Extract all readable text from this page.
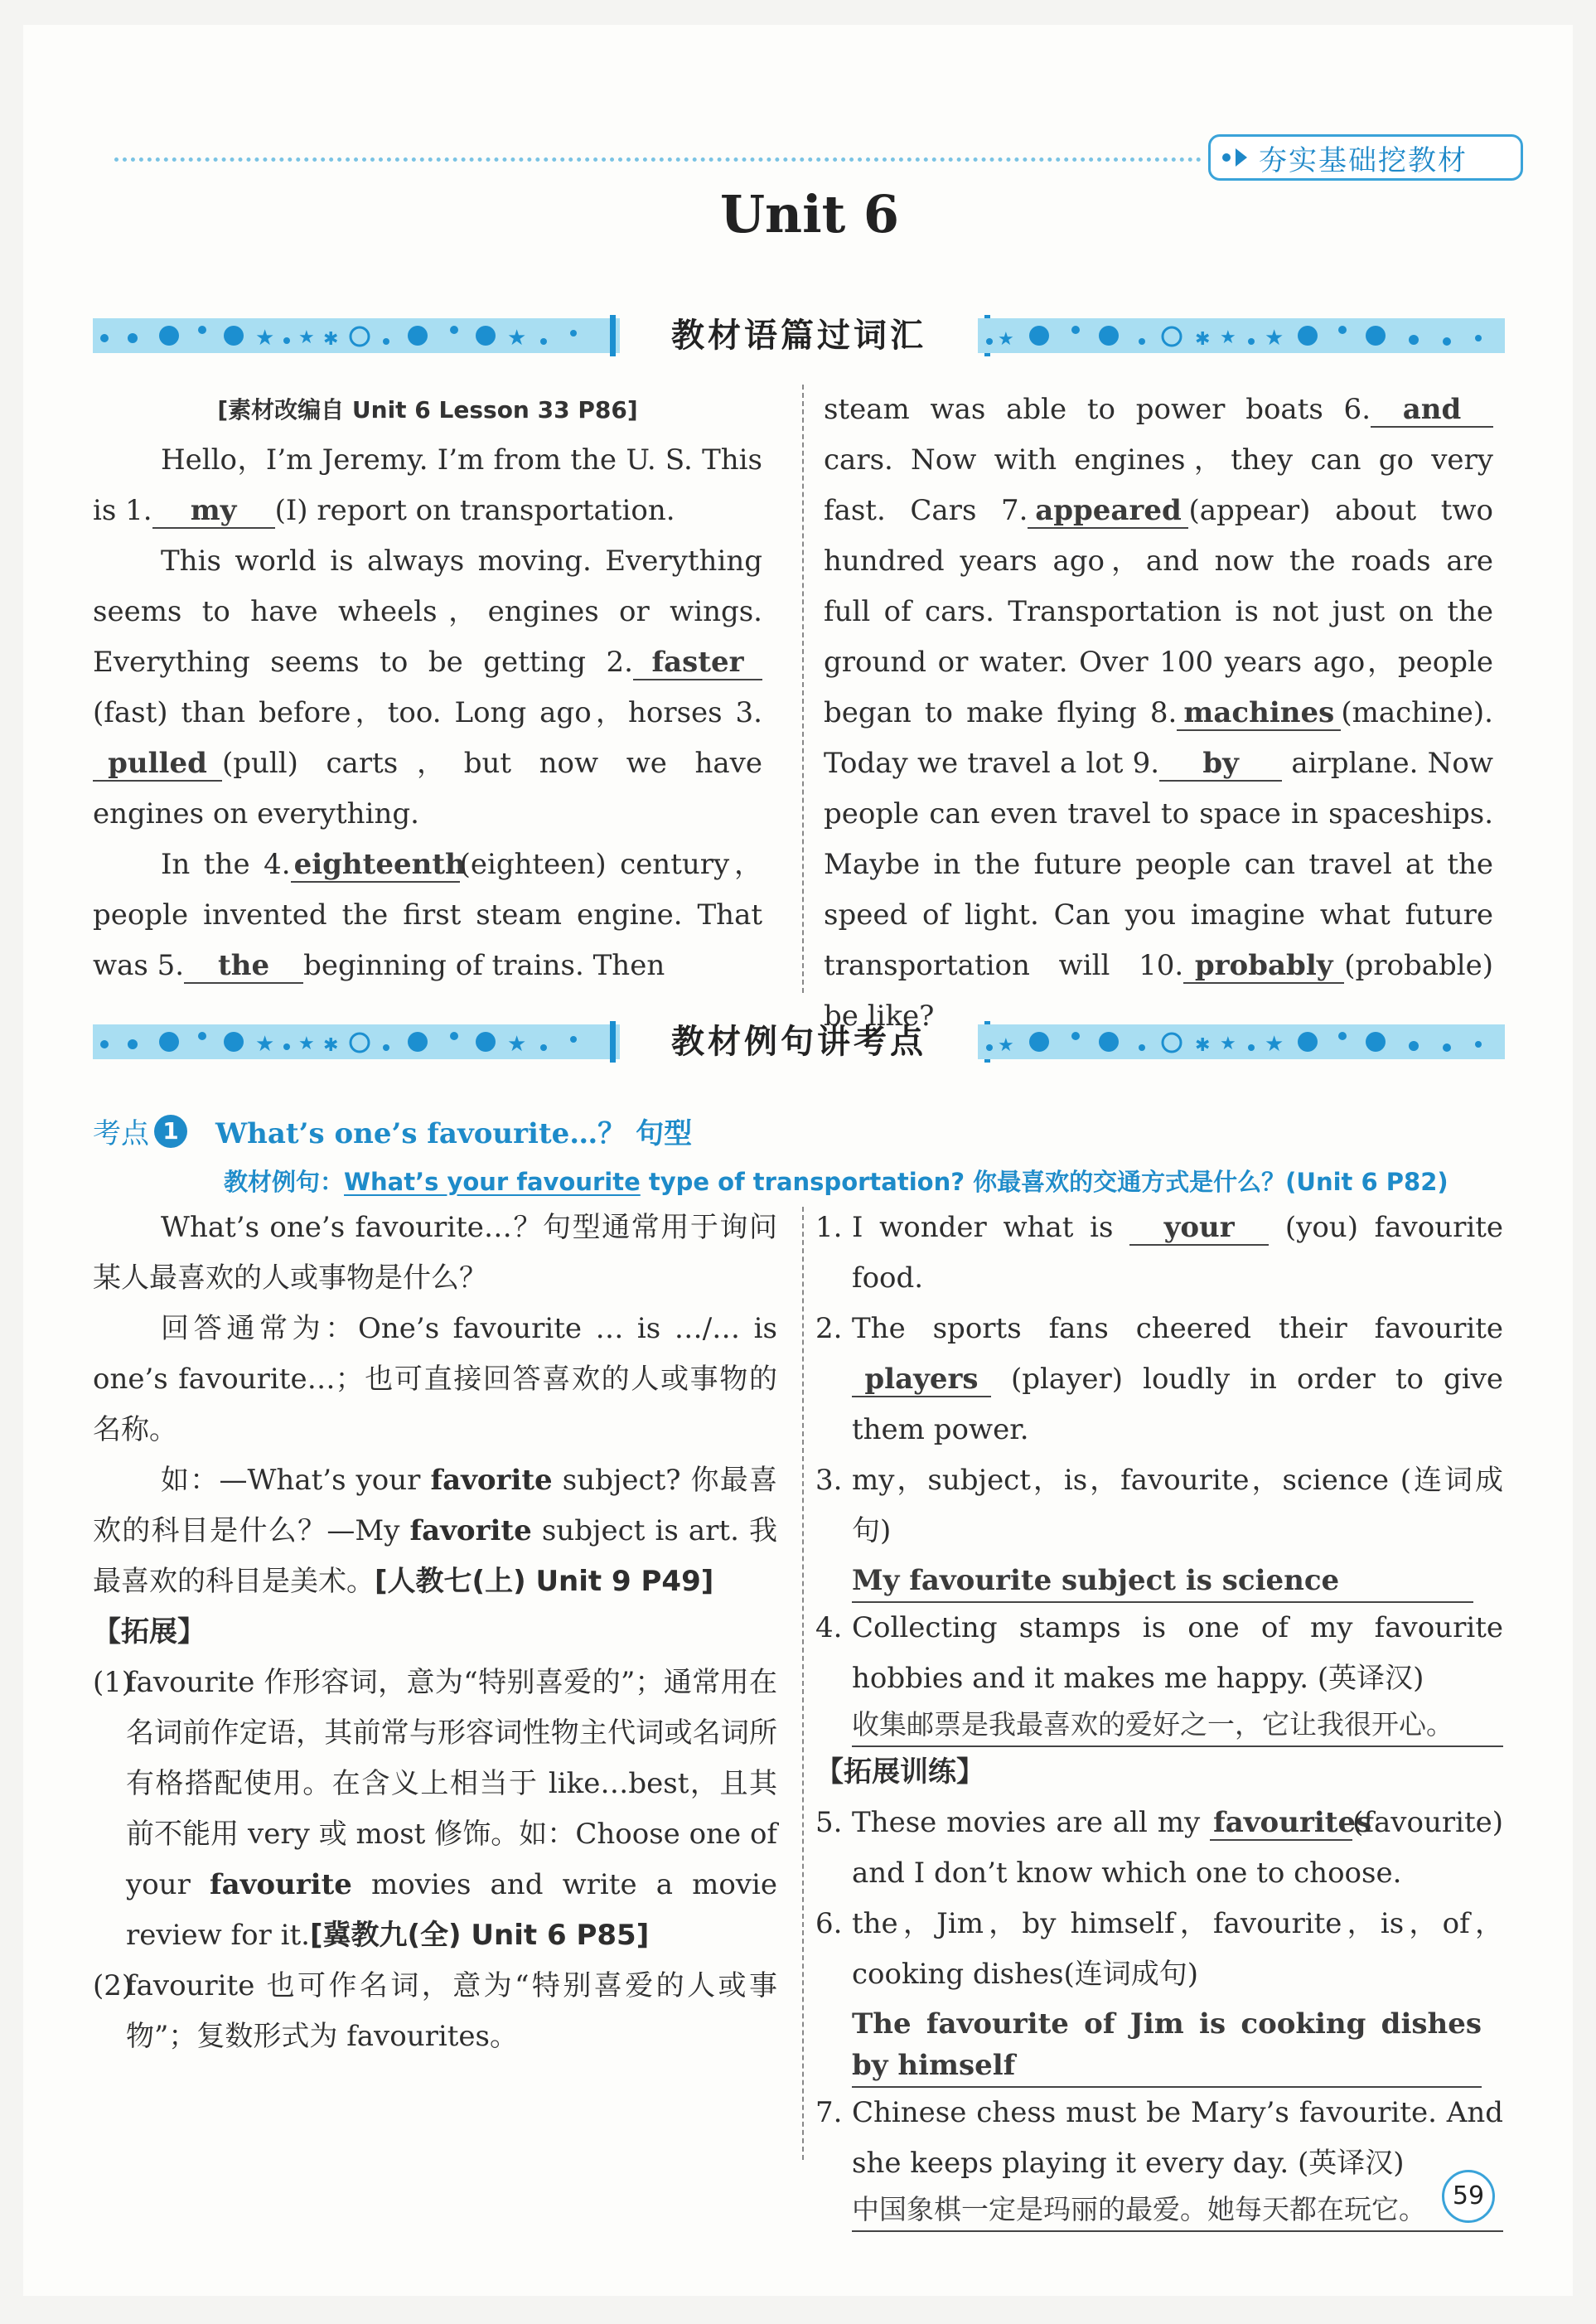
夯实基础挖教材
Unit 6
★ ★ ✱	★	教材语篇过词汇	★	✱ ★ ★

[素材改编自 Unit 6 Lesson 33 P86]

Hello，I’m Jeremy. I’m from the U. S. This is 1. my (I) report on transportation.

This world is always moving. Everything seems to have wheels，engines or wings. Everything seems to be getting 2. faster(fast) than before，too. Long ago，horses 3.pulled (pull) carts，but now we have engines on everything.

In the 4. eighteenth(eighteen) century，people invented the first steam engine. That was 5. the beginning of trains. Then

steam was able to power boats 6. and cars. Now with engines，they can go very fast. Cars 7. appeared (appear) about two hundred years ago，and now the roads are full of cars. Transportation is not just on the ground or water. Over 100 years ago，people began to make flying 8. machines (machine). Today we travel a lot 9. by airplane. Now people can even travel to space in spaceships. Maybe in the future people can travel at the speed of light. Can you imagine what future transportation will 10. probably (probable) be like?

★ ★ ✱	★	教材例句讲考点	★	✱ ★ ★
考点 1	What’s one’s favourite…？ 句型
教材例句：What’s your favourite type of transportation? 你最喜欢的交通方式是什么？(Unit 6 P82)

What’s one’s favourite…？句型通常用于询问某人最喜欢的人或事物是什么？

回答通常为：One’s favourite … is …/… is one’s favourite…；也可直接回答喜欢的人或事物的名称。

如：—What’s your favorite subject? 你最喜欢的科目是什么？—My favorite subject is art. 我最喜欢的科目是美术。[人教七(上) Unit 9 P49]

【拓展】

(1)
favourite 作形容词，意为“特别喜爱的”；通常用在名词前作定语，其前常与形容词性物主代词或名词所有格搭配使用。在含义上相当于 like…best，且其前不能用 very 或 most 修饰。如：Choose one of your favourite movies and write a movie review for it.[冀教九(全) Unit 6 P85]
(2)
favourite 也可作名词，意为“特别喜爱的人或事物”；复数形式为 favourites。
1. I wonder what is your (you) favourite food.
2. The sports fans cheered their favourite players (player) loudly in order to give them power.
3. my，subject，is，favourite，science (连词成句)
My favourite subject is science
4. Collecting stamps is one of my favourite hobbies and it makes me happy. (英译汉)
收集邮票是我最喜欢的爱好之一，它让我很开心。

【拓展训练】

5. These movies are all my favourites(favourite) and I don’t know which one to choose.
6. the，Jim，by himself，favourite，is，of，cooking dishes(连词成句)
The favourite of Jim is cooking dishes by himself
7. Chinese chess must be Mary’s favourite. And she keeps playing it every day. (英译汉)
中国象棋一定是玛丽的最爱。她每天都在玩它。	59
